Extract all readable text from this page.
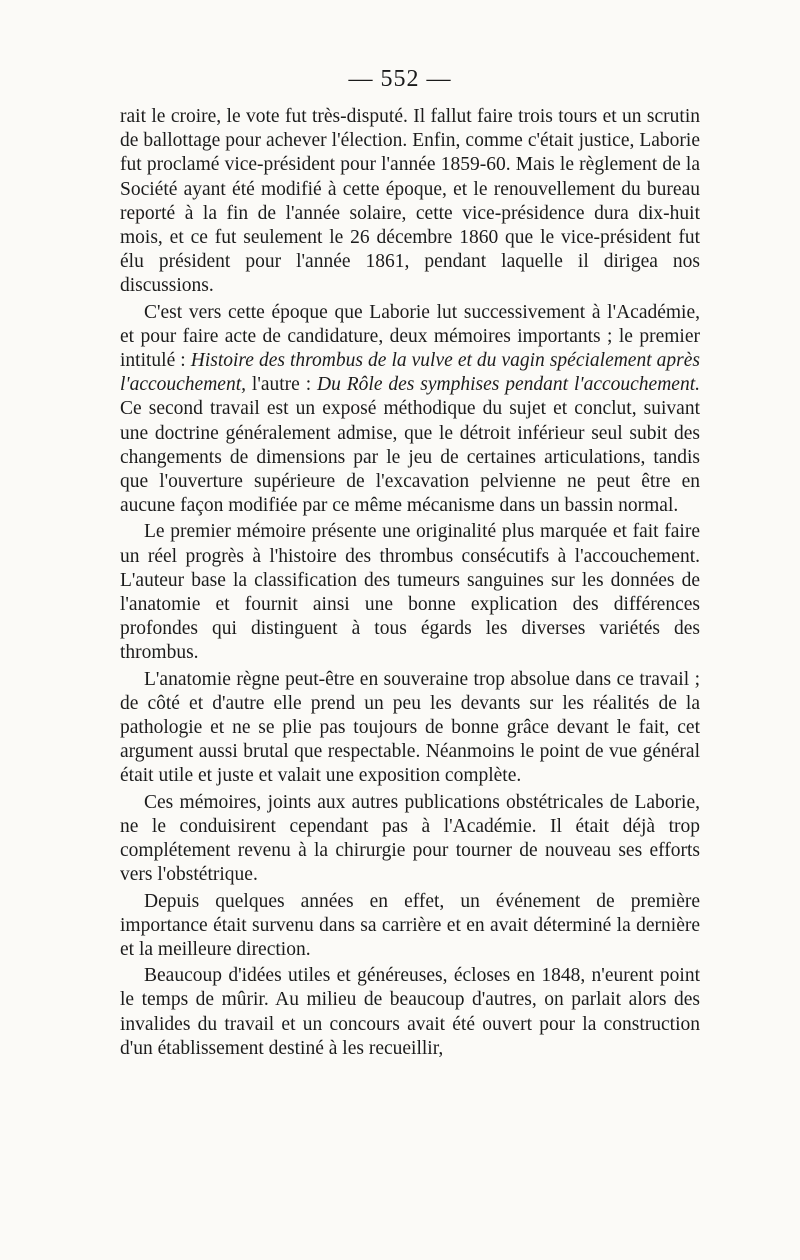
— 552 —

rait le croire, le vote fut très-disputé. Il fallut faire trois tours et un scrutin de ballottage pour achever l'élection. Enfin, comme c'était justice, Laborie fut proclamé vice-président pour l'année 1859-60. Mais le règlement de la Société ayant été modifié à cette époque, et le renouvellement du bureau reporté à la fin de l'année solaire, cette vice-présidence dura dix-huit mois, et ce fut seulement le 26 décembre 1860 que le vice-président fut élu président pour l'année 1861, pendant laquelle il dirigea nos discussions.

C'est vers cette époque que Laborie lut successivement à l'Académie, et pour faire acte de candidature, deux mémoires importants ; le premier intitulé : Histoire des thrombus de la vulve et du vagin spécialement après l'accouchement, l'autre : Du Rôle des symphises pendant l'accouchement. Ce second travail est un exposé méthodique du sujet et conclut, suivant une doctrine généralement admise, que le détroit inférieur seul subit des changements de dimensions par le jeu de certaines articulations, tandis que l'ouverture supérieure de l'excavation pelvienne ne peut être en aucune façon modifiée par ce même mécanisme dans un bassin normal.

Le premier mémoire présente une originalité plus marquée et fait faire un réel progrès à l'histoire des thrombus consécutifs à l'accouchement. L'auteur base la classification des tumeurs sanguines sur les données de l'anatomie et fournit ainsi une bonne explication des différences profondes qui distinguent à tous égards les diverses variétés des thrombus.

L'anatomie règne peut-être en souveraine trop absolue dans ce travail ; de côté et d'autre elle prend un peu les devants sur les réalités de la pathologie et ne se plie pas toujours de bonne grâce devant le fait, cet argument aussi brutal que respectable. Néanmoins le point de vue général était utile et juste et valait une exposition complète.

Ces mémoires, joints aux autres publications obstétricales de Laborie, ne le conduisirent cependant pas à l'Académie. Il était déjà trop complétement revenu à la chirurgie pour tourner de nouveau ses efforts vers l'obstétrique.

Depuis quelques années en effet, un événement de première importance était survenu dans sa carrière et en avait déterminé la dernière et la meilleure direction.

Beaucoup d'idées utiles et généreuses, écloses en 1848, n'eurent point le temps de mûrir. Au milieu de beaucoup d'autres, on parlait alors des invalides du travail et un concours avait été ouvert pour la construction d'un établissement destiné à les recueillir,
